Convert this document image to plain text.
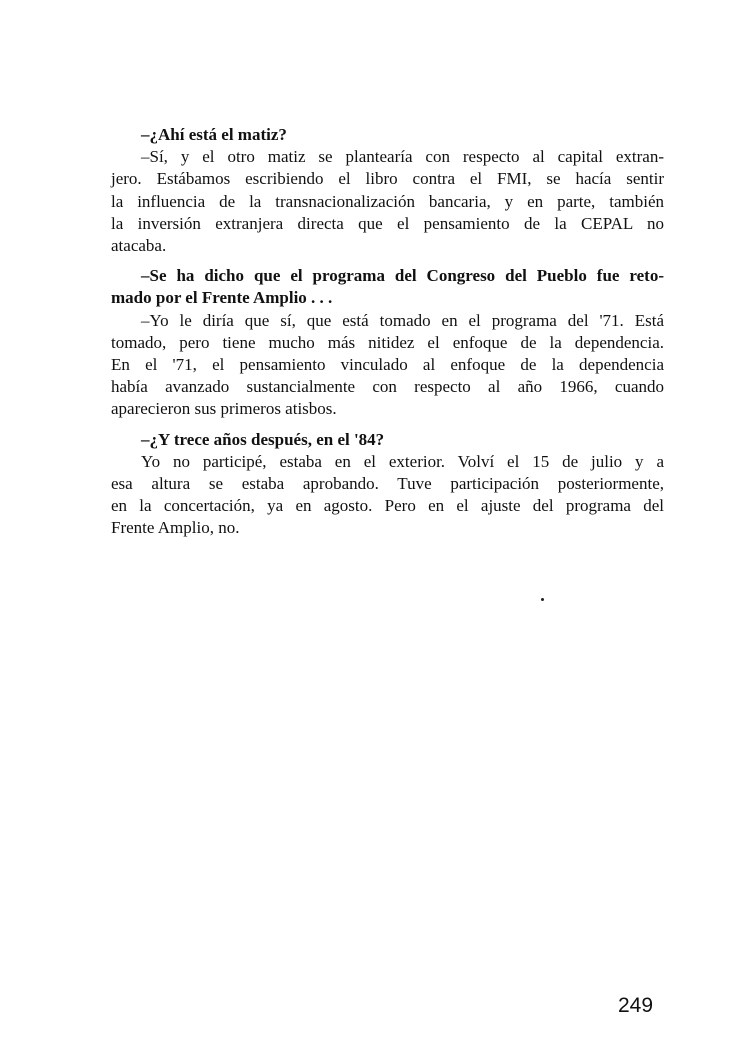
–¿Ahí está el matiz?
–Sí, y el otro matiz se plantearía con respecto al capital extran-
jero. Estábamos escribiendo el libro contra el FMI, se hacía sentir
la influencia de la transnacionalización bancaria, y en parte, también
la inversión extranjera directa que el pensamiento de la CEPAL no
atacaba.
–Se ha dicho que el programa del Congreso del Pueblo fue reto-
mado por el Frente Amplio . . .
–Yo le diría que sí, que está tomado en el programa del '71. Está
tomado, pero tiene mucho más nitidez el enfoque de la dependencia.
En el '71, el pensamiento vinculado al enfoque de la dependencia
había avanzado sustancialmente con respecto al año 1966, cuando
aparecieron sus primeros atisbos.
–¿Y trece años después, en el '84?
Yo no participé, estaba en el exterior. Volví el 15 de julio y a
esa altura se estaba aprobando. Tuve participación posteriormente,
en la concertación, ya en agosto. Pero en el ajuste del programa del
Frente Amplio, no.
249
